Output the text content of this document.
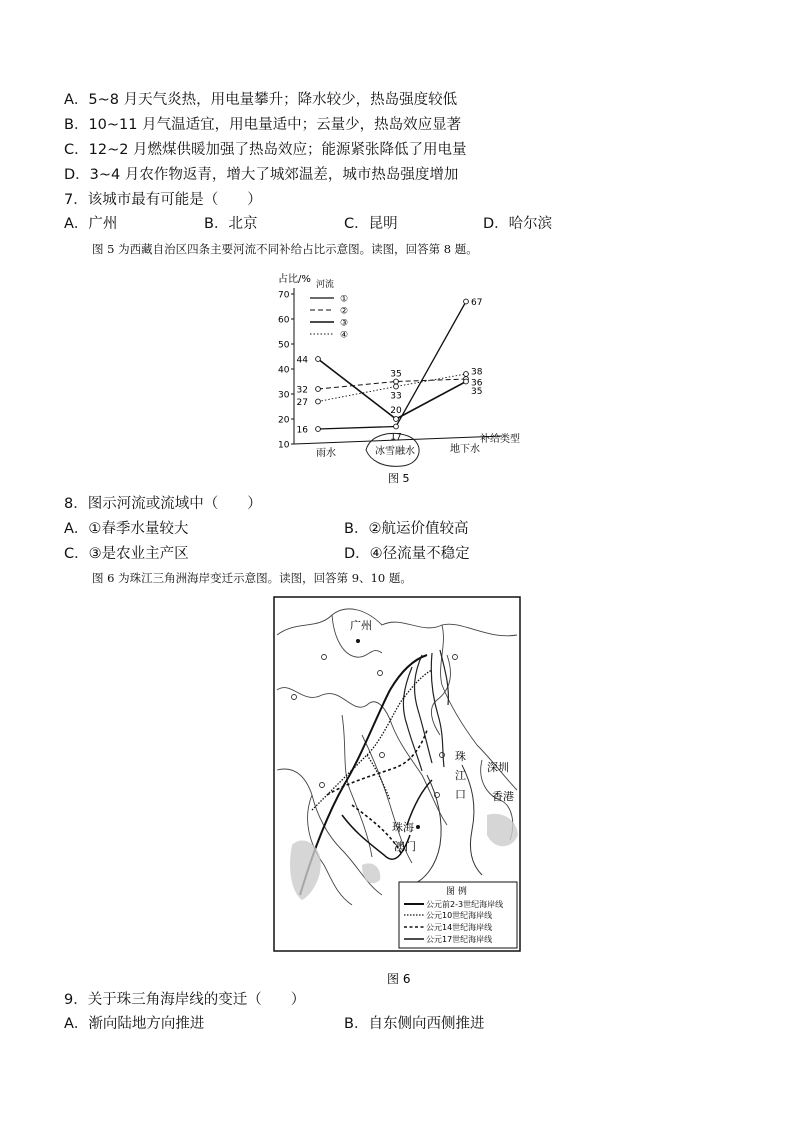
A．5~8 月天气炎热，用电量攀升；降水较少，热岛强度较低
B．10~11 月气温适宜，用电量适中；云量少，热岛效应显著
C．12~2 月燃煤供暖加强了热岛效应；能源紧张降低了用电量
D．3~4 月农作物返青，增大了城郊温差，城市热岛强度增加
7．该城市最有可能是（　　）
A．广州	B．北京	C．昆明	D．哈尔滨
图 5 为西藏自治区四条主要河流不同补给占比示意图。读图，回答第 8 题。
10
20
30
40
50
60
70
44
32
27
16
35
33
20
17
67
38
36
35
①
②
③
④
占比/%
补给类型
河流
雨水	冰雪融水	地下水
图 5
8．图示河流或流域中（　　）
A．①春季水量较大	B．②航运价值较高
C．③是农业主产区	D．④径流量不稳定
图 6 为珠江三角洲海岸变迁示意图。读图，回答第 9、10 题。
广州
珠
江
口
深圳
香港
珠海
澳门
图 例
公元前2-3世纪海岸线
公元10世纪海岸线
公元14世纪海岸线
公元17世纪海岸线
图 6
9．关于珠三角海岸线的变迁（　　）
A．渐向陆地方向推进	B．自东侧向西侧推进
